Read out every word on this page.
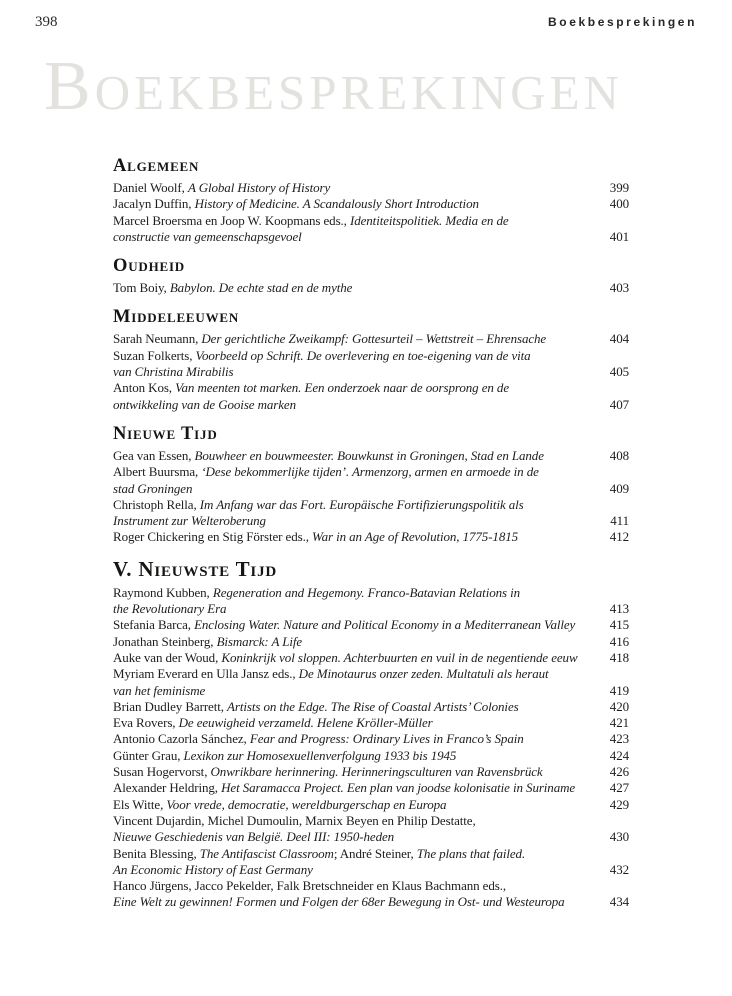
398	Boekbesprekingen
Boekbesprekingen
Algemeen
Daniel Woolf, A Global History of History	399
Jacalyn Duffin, History of Medicine. A Scandalously Short Introduction	400
Marcel Broersma en Joop W. Koopmans eds., Identiteitspolitiek. Media en de
constructie van gemeenschapsgevoel	401
Oudheid
Tom Boiy, Babylon. De echte stad en de mythe	403
Middeleeuwen
Sarah Neumann, Der gerichtliche Zweikampf: Gottesurteil – Wettstreit – Ehrensache	404
Suzan Folkerts, Voorbeeld op Schrift. De overlevering en toe-eigening van de vita
van Christina Mirabilis	405
Anton Kos, Van meenten tot marken. Een onderzoek naar de oorsprong en de
ontwikkeling van de Gooise marken	407
Nieuwe Tijd
Gea van Essen, Bouwheer en bouwmeester. Bouwkunst in Groningen, Stad en Lande	408
Albert Buursma, ‘Dese bekommerlijke tijden’. Armenzorg, armen en armoede in de
stad Groningen	409
Christoph Rella, Im Anfang war das Fort. Europäische Fortifizierungspolitik als
Instrument zur Welteroberung	411
Roger Chickering en Stig Förster eds., War in an Age of Revolution, 1775-1815	412
V. Nieuwste Tijd
Raymond Kubben, Regeneration and Hegemony. Franco-Batavian Relations in
the Revolutionary Era	413
Stefania Barca, Enclosing Water. Nature and Political Economy in a Mediterranean Valley	415
Jonathan Steinberg, Bismarck: A Life	416
Auke van der Woud, Koninkrijk vol sloppen. Achterbuurten en vuil in de negentiende eeuw	418
Myriam Everard en Ulla Jansz eds., De Minotaurus onzer zeden. Multatuli als heraut
van het feminisme	419
Brian Dudley Barrett, Artists on the Edge. The Rise of Coastal Artists’ Colonies	420
Eva Rovers, De eeuwigheid verzameld. Helene Kröller-Müller	421
Antonio Cazorla Sánchez, Fear and Progress: Ordinary Lives in Franco’s Spain	423
Günter Grau, Lexikon zur Homosexuellenverfolgung 1933 bis 1945	424
Susan Hogervorst, Onwrikbare herinnering. Herinneringsculturen van Ravensbrück	426
Alexander Heldring, Het Saramacca Project. Een plan van joodse kolonisatie in Suriname	427
Els Witte, Voor vrede, democratie, wereldburgerschap en Europa	429
Vincent Dujardin, Michel Dumoulin, Marnix Beyen en Philip Destatte,
Nieuwe Geschiedenis van België. Deel III: 1950-heden	430
Benita Blessing, The Antifascist Classroom; André Steiner, The plans that failed.
An Economic History of East Germany	432
Hanco Jürgens, Jacco Pekelder, Falk Bretschneider en Klaus Bachmann eds.,
Eine Welt zu gewinnen! Formen und Folgen der 68er Bewegung in Ost- und Westeuropa	434
